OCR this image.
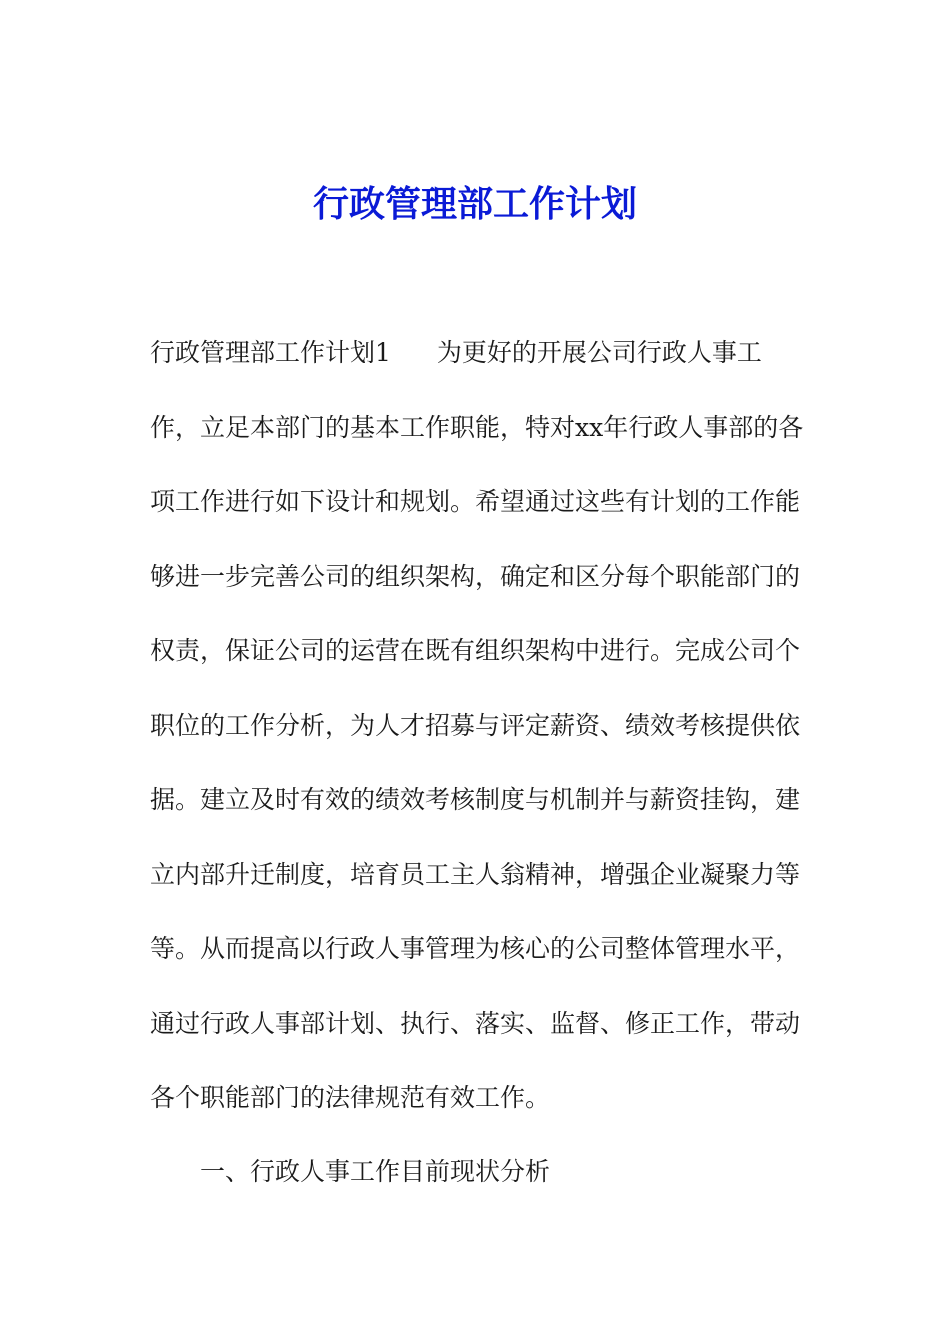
行政管理部工作计划

行政管理部工作计划1 为更好的开展公司行政人事工作，立足本部门的基本工作职能，特对xx年行政人事部的各项工作进行如下设计和规划。希望通过这些有计划的工作能够进一步完善公司的组织架构，确定和区分每个职能部门的权责，保证公司的运营在既有组织架构中进行。完成公司个职位的工作分析，为人才招募与评定薪资、绩效考核提供依据。建立及时有效的绩效考核制度与机制并与薪资挂钩，建立内部升迁制度，培育员工主人翁精神，增强企业凝聚力等等。从而提高以行政人事管理为核心的公司整体管理水平，通过行政人事部计划、执行、落实、监督、修正工作，带动各个职能部门的法律规范有效工作。

一、行政人事工作目前现状分析
